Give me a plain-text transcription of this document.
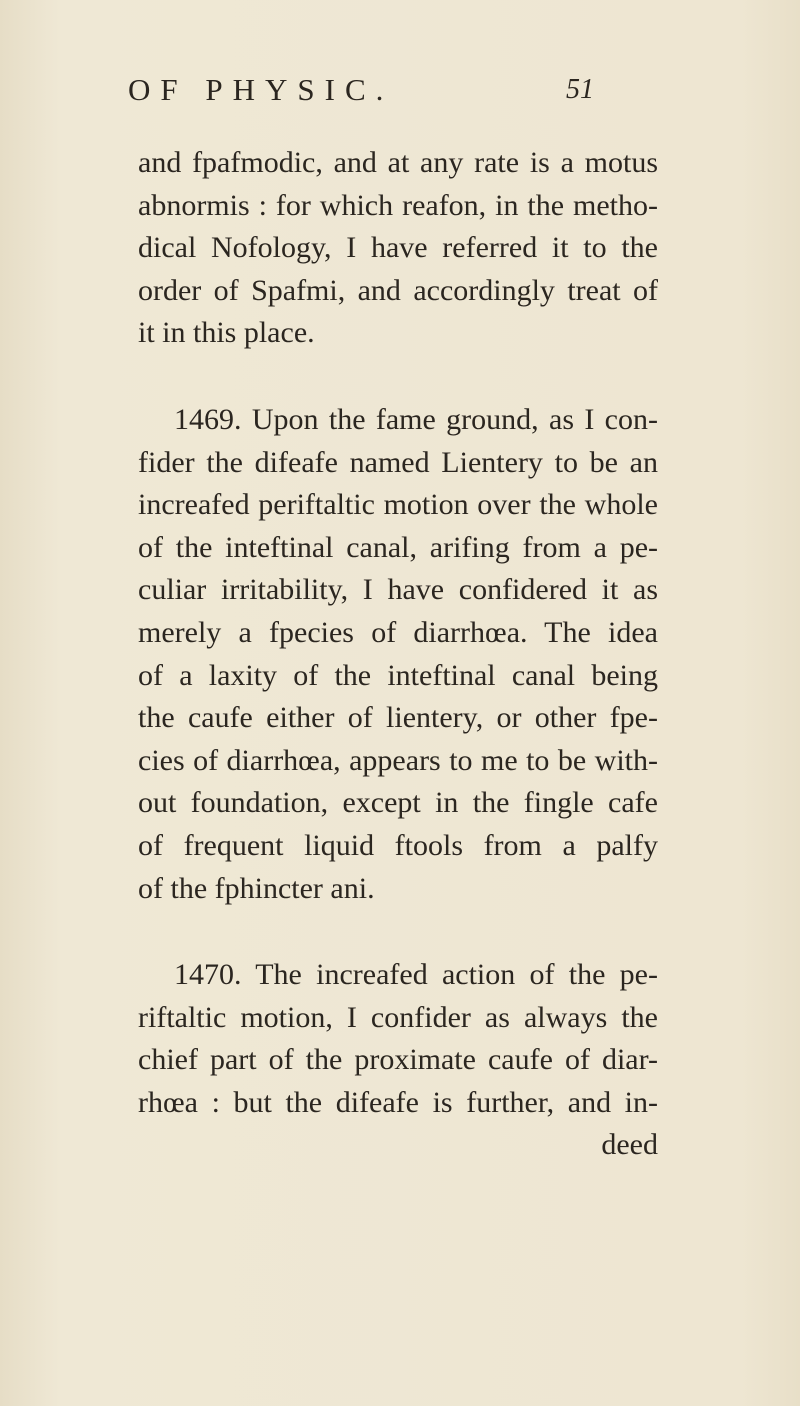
OF PHYSIC.	51
and fpafmodic, and at any rate is a motus
abnormis : for which reafon, in the metho-
dical Nofology, I have referred it to the
order of Spafmi, and accordingly treat of
it in this place.
1469. Upon the fame ground, as I con-
fider the difeafe named Lientery to be an
increafed periftaltic motion over the whole
of the inteftinal canal, arifing from a pe-
culiar irritability, I have confidered it as
merely a fpecies of diarrhœa. The idea
of a laxity of the inteftinal canal being
the caufe either of lientery, or other fpe-
cies of diarrhœa, appears to me to be with-
out foundation, except in the fingle cafe
of frequent liquid ftools from a palfy
of the fphincter ani.
1470. The increafed action of the pe-
riftaltic motion, I confider as always the
chief part of the proximate caufe of diar-
rhœa : but the difeafe is further, and in-
deed
